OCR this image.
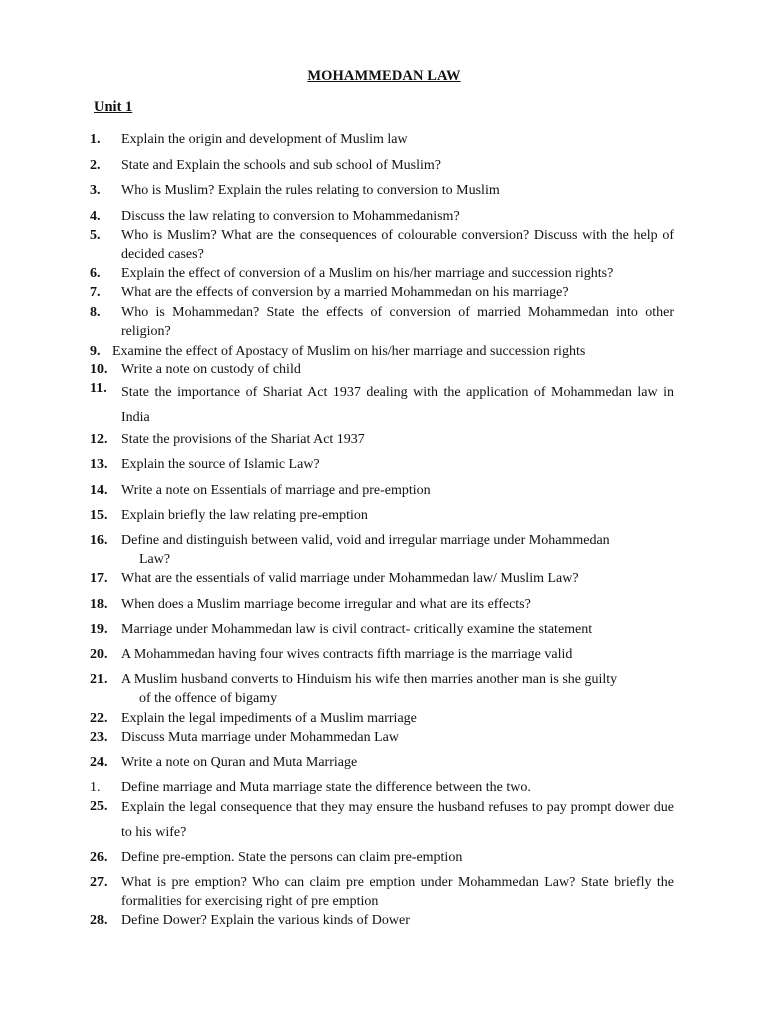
MOHAMMEDAN LAW
Unit 1
1. Explain the origin and development of Muslim law
2. State and Explain the schools and sub school of Muslim?
3. Who is Muslim? Explain the rules relating to conversion to Muslim
4. Discuss the law relating to conversion to Mohammedanism?
5. Who is Muslim? What are the consequences of colourable conversion? Discuss with the help of decided cases?
6. Explain the effect of conversion of a Muslim on his/her marriage and succession rights?
7. What are the effects of conversion by a married Mohammedan on his marriage?
8. Who is Mohammedan? State the effects of conversion of married Mohammedan into other religion?
9. Examine the effect of Apostacy of Muslim on his/her marriage and succession rights
10. Write a note on custody of child
11. State the importance of Shariat Act 1937 dealing with the application of Mohammedan law in India
12. State the provisions of the Shariat Act 1937
13. Explain the source of Islamic Law?
14. Write a note on Essentials of marriage and pre-emption
15. Explain briefly the law relating pre-emption
16. Define and distinguish between valid, void and irregular marriage under Mohammedan
Law?
17. What are the essentials of valid marriage under Mohammedan law/ Muslim Law?
18. When does a Muslim marriage become irregular and what are its effects?
19. Marriage under Mohammedan law is civil contract- critically examine the statement
20. A Mohammedan having four wives contracts fifth marriage is the marriage valid
21. A Muslim husband converts to Hinduism his wife then marries another man is she guilty
of the offence of bigamy
22. Explain the legal impediments of a Muslim marriage
23. Discuss Muta marriage under Mohammedan Law
24. Write a note on Quran and Muta Marriage
1. Define marriage and Muta marriage state the difference between the two.
25. Explain the legal consequence that they may ensure the husband refuses to pay prompt dower due to his wife?
26. Define pre-emption. State the persons can claim pre-emption
27. What is pre emption? Who can claim pre emption under Mohammedan Law? State briefly the formalities for exercising right of pre emption
28. Define Dower? Explain the various kinds of Dower
